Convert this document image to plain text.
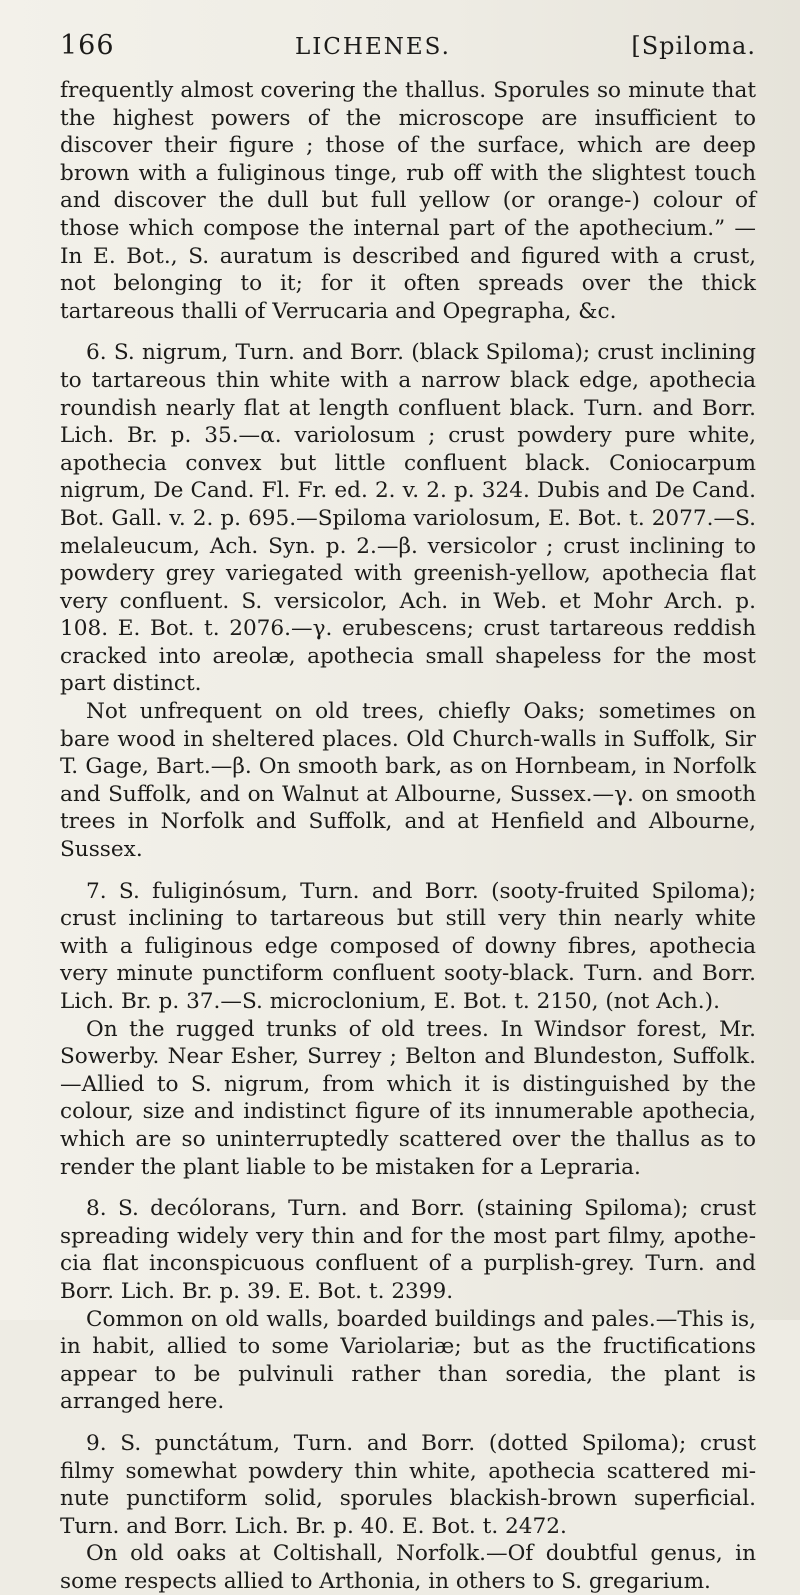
166	LICHENES.	[Spiloma.

frequently almost covering the thallus. Sporules so minute that the highest powers of the microscope are insufficient to discover their figure ; those of the surface, which are deep brown with a fuliginous tinge, rub off with the slightest touch and discover the dull but full yellow (or orange-) colour of those which compose the internal part of the apothecium.” —In E. Bot., S. auratum is described and figured with a crust, not belonging to it; for it often spreads over the thick tartareous thalli of Verrucaria and Opegrapha, &c.

6. S. nigrum, Turn. and Borr. (black Spiloma); crust inclining to tartareous thin white with a narrow black edge, apothecia roundish nearly flat at length confluent black. Turn. and Borr. Lich. Br. p. 35.—α. variolosum ; crust powdery pure white, apothecia convex but little confluent black. Coniocarpum nigrum, De Cand. Fl. Fr. ed. 2. v. 2. p. 324. Dubis and De Cand. Bot. Gall. v. 2. p. 695.—Spiloma variolosum, E. Bot. t. 2077.—S. melaleucum, Ach. Syn. p. 2.—β. versicolor ; crust inclining to powdery grey variegated with greenish-yellow, apothecia flat very confluent. S. versicolor, Ach. in Web. et Mohr Arch. p. 108. E. Bot. t. 2076.—γ. erubescens; crust tartareous reddish cracked into areolæ, apothecia small shapeless for the most part distinct.

Not unfrequent on old trees, chiefly Oaks; sometimes on bare wood in sheltered places. Old Church-walls in Suffolk, Sir T. Gage, Bart.—β. On smooth bark, as on Hornbeam, in Norfolk and Suffolk, and on Walnut at Albourne, Sussex.—γ. on smooth trees in Norfolk and Suffolk, and at Henfield and Albourne, Sussex.

7. S. fuliginósum, Turn. and Borr. (sooty-fruited Spiloma); crust inclining to tartareous but still very thin nearly white with a fuliginous edge composed of downy fibres, apothecia very minute punctiform confluent sooty-black. Turn. and Borr. Lich. Br. p. 37.—S. microclonium, E. Bot. t. 2150, (not Ach.).

On the rugged trunks of old trees. In Windsor forest, Mr. Sowerby. Near Esher, Surrey ; Belton and Blundeston, Suffolk.—Allied to S. nigrum, from which it is distinguished by the colour, size and indistinct figure of its innumerable apothecia, which are so uninterruptedly scattered over the thallus as to render the plant liable to be mistaken for a Lepraria.

8. S. decólorans, Turn. and Borr. (staining Spiloma); crust spreading widely very thin and for the most part filmy, apothecia flat inconspicuous confluent of a purplish-grey. Turn. and Borr. Lich. Br. p. 39. E. Bot. t. 2399.

Common on old walls, boarded buildings and pales.—This is, in habit, allied to some Variolariæ; but as the fructifications appear to be pulvinuli rather than soredia, the plant is arranged here.

9. S. punctátum, Turn. and Borr. (dotted Spiloma); crust filmy somewhat powdery thin white, apothecia scattered minute punctiform solid, sporules blackish-brown superficial. Turn. and Borr. Lich. Br. p. 40. E. Bot. t. 2472.

On old oaks at Coltishall, Norfolk.—Of doubtful genus, in some respects allied to Arthonia, in others to S. gregarium.
